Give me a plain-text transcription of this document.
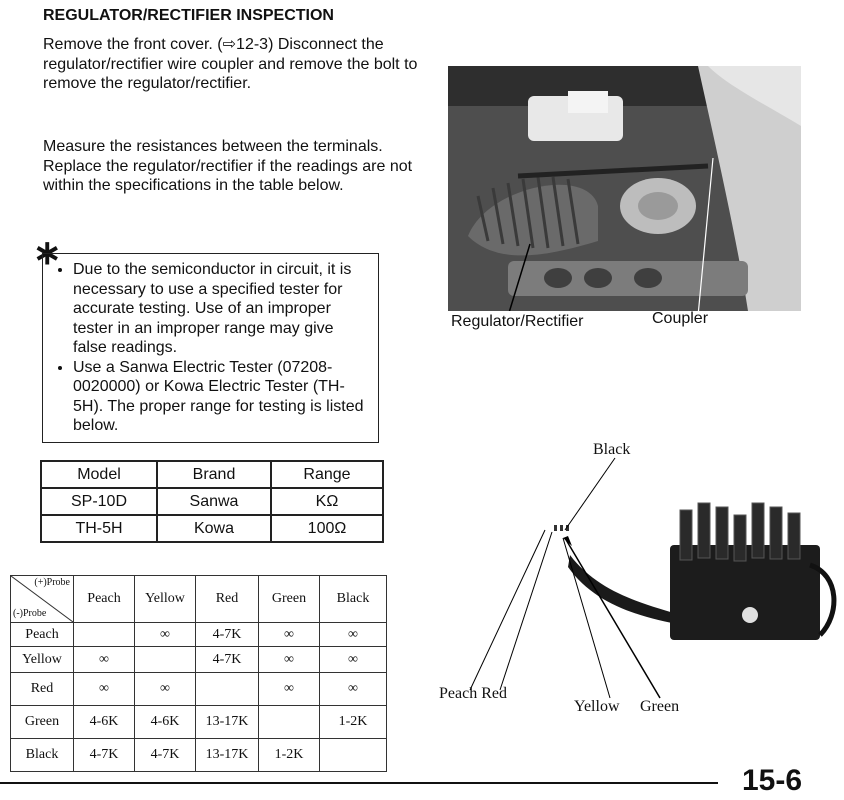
REGULATOR/RECTIFIER INSPECTION
Remove the front cover. (⇨12-3) Disconnect the regulator/rectifier wire coupler and remove the bolt to remove the regulator/rectifier.
Measure the resistances between the terminals. Replace the regulator/rectifier if the readings are not within the specifications in the table below.
∗ • Due to the semiconductor in circuit, it is necessary to use a specified tester for accurate testing. Use of an improper tester in an improper range may give false readings.
• Use a Sanwa Electric Tester (07208-0020000) or Kowa Electric Tester (TH-5H). The proper range for testing is listed below.
Model	Brand	Range
SP-10D	Sanwa	KΩ
TH-5H	Kowa	100Ω
(+)Probe
(-)Probe	Peach	Yellow	Red	Green	Black
Peach		∞	4-7K	∞	∞
Yellow	∞		4-7K	∞	∞
Red	∞	∞		∞	∞
Green	4-6K	4-6K	13-17K		1-2K
Black	4-7K	4-7K	13-17K	1-2K	
Regulator/Rectifier	Coupler
Black
Peach Red
Yellow Green
15-6
